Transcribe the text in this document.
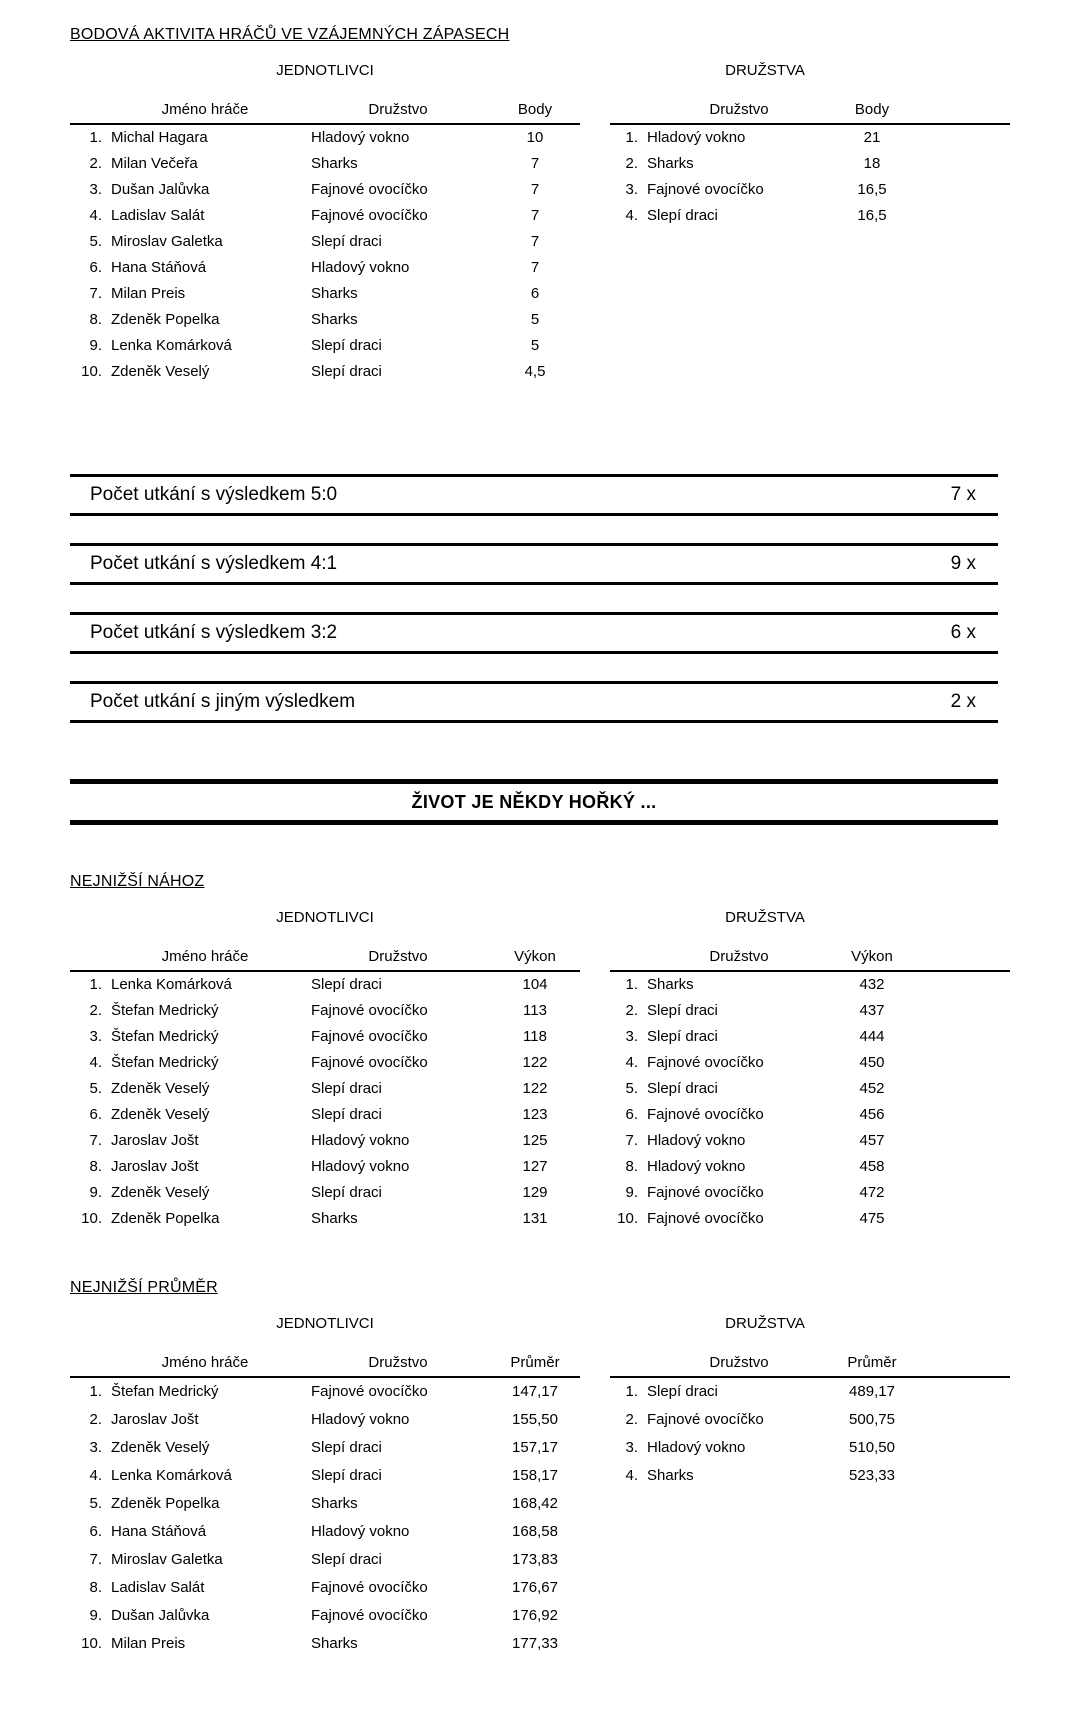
BODOVÁ AKTIVITA HRÁČŮ VE VZÁJEMNÝCH ZÁPASECH
JEDNOTLIVCI
Jméno hráče		Družstvo	Body
1.	Michal Hagara	Hladový vokno	10
2.	Milan Večeřa	Sharks	7
3.	Dušan Jalůvka	Fajnové ovocíčko	7
4.	Ladislav Salát	Fajnové ovocíčko	7
5.	Miroslav Galetka	Slepí draci	7
6.	Hana Stáňová	Hladový vokno	7
7.	Milan Preis	Sharks	6
8.	Zdeněk Popelka	Sharks	5
9.	Lenka Komárková	Slepí draci	5
10.	Zdeněk Veselý	Slepí draci	4,5
DRUŽSTVA
Družstvo		Body	
1.	Hladový vokno	21	
2.	Sharks	18	
3.	Fajnové ovocíčko	16,5	
4.	Slepí draci	16,5	
Počet utkání s výsledkem 5:0	7 x
Počet utkání s výsledkem 4:1	9 x
Počet utkání s výsledkem 3:2	6 x
Počet utkání s jiným výsledkem	2 x
ŽIVOT JE NĚKDY HOŘKÝ ...
NEJNIŽŠÍ NÁHOZ
JEDNOTLIVCI
Jméno hráče		Družstvo	Výkon
1.	Lenka Komárková	Slepí draci	104
2.	Štefan Medrický	Fajnové ovocíčko	113
3.	Štefan Medrický	Fajnové ovocíčko	118
4.	Štefan Medrický	Fajnové ovocíčko	122
5.	Zdeněk Veselý	Slepí draci	122
6.	Zdeněk Veselý	Slepí draci	123
7.	Jaroslav Jošt	Hladový vokno	125
8.	Jaroslav Jošt	Hladový vokno	127
9.	Zdeněk Veselý	Slepí draci	129
10.	Zdeněk Popelka	Sharks	131
DRUŽSTVA
Družstvo		Výkon	
1.	Sharks	432	
2.	Slepí draci	437	
3.	Slepí draci	444	
4.	Fajnové ovocíčko	450	
5.	Slepí draci	452	
6.	Fajnové ovocíčko	456	
7.	Hladový vokno	457	
8.	Hladový vokno	458	
9.	Fajnové ovocíčko	472	
10.	Fajnové ovocíčko	475	
NEJNIŽŠÍ PRŮMĚR
JEDNOTLIVCI
Jméno hráče		Družstvo	Průměr
1.	Štefan Medrický	Fajnové ovocíčko	147,17
2.	Jaroslav Jošt	Hladový vokno	155,50
3.	Zdeněk Veselý	Slepí draci	157,17
4.	Lenka Komárková	Slepí draci	158,17
5.	Zdeněk Popelka	Sharks	168,42
6.	Hana Stáňová	Hladový vokno	168,58
7.	Miroslav Galetka	Slepí draci	173,83
8.	Ladislav Salát	Fajnové ovocíčko	176,67
9.	Dušan Jalůvka	Fajnové ovocíčko	176,92
10.	Milan Preis	Sharks	177,33
DRUŽSTVA
Družstvo		Průměr	
1.	Slepí draci	489,17	
2.	Fajnové ovocíčko	500,75	
3.	Hladový vokno	510,50	
4.	Sharks	523,33	
